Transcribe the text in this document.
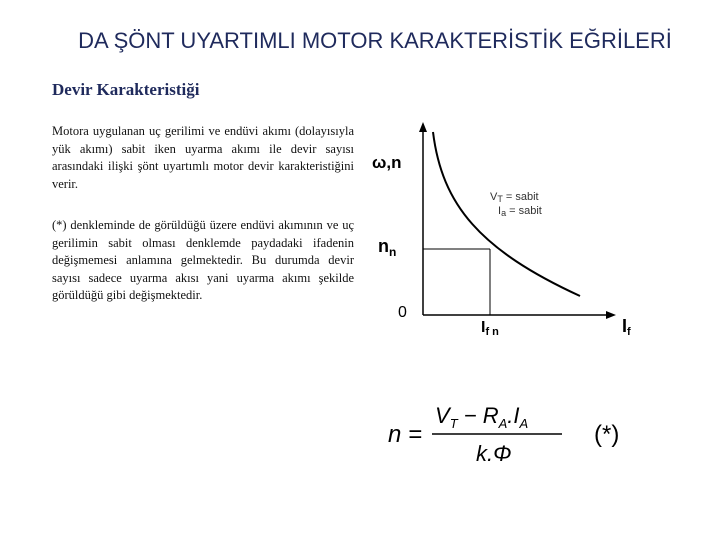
DA ŞÖNT UYARTIMLI MOTOR KARAKTERİSTİK EĞRİLERİ
Devir Karakteristiği

Motora uygulanan uç gerilimi ve endüvi akımı (dolayısıyla yük akımı) sabit iken uyarma akımı ile devir sayısı arasındaki ilişki şönt uyartımlı motor devir karakteristiğini verir.

(*) denkleminde de görüldüğü üzere endüvi akımının ve uç gerilimin sabit olması denklemde paydadaki ifadenin değişmemesi anlamına gelmektedir. Bu durumda devir sayısı sadece uyarma akısı yani uyarma akımı şekilde görüldüğü gibi değişmektedir.

ω,n
$n_n$
0
If n	If
VT = sabit
Ia = sabit
n =
$V_T - R_A.I_A$
k.Φ
(*)
